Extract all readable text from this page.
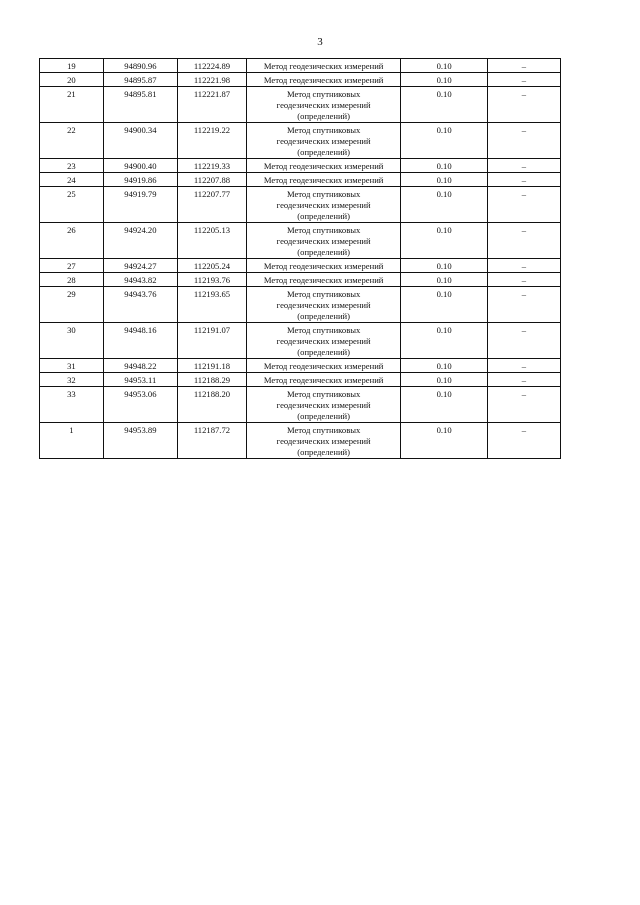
3
19	94890.96	112224.89	Метод геодезических измерений	0.10	–
20	94895.87	112221.98	Метод геодезических измерений	0.10	–
21	94895.81	112221.87	Метод спутниковых
геодезических измерений
(определений)	0.10	–
22	94900.34	112219.22	Метод спутниковых
геодезических измерений
(определений)	0.10	–
23	94900.40	112219.33	Метод геодезических измерений	0.10	–
24	94919.86	112207.88	Метод геодезических измерений	0.10	–
25	94919.79	112207.77	Метод спутниковых
геодезических измерений
(определений)	0.10	–
26	94924.20	112205.13	Метод спутниковых
геодезических измерений
(определений)	0.10	–
27	94924.27	112205.24	Метод геодезических измерений	0.10	–
28	94943.82	112193.76	Метод геодезических измерений	0.10	–
29	94943.76	112193.65	Метод спутниковых
геодезических измерений
(определений)	0.10	–
30	94948.16	112191.07	Метод спутниковых
геодезических измерений
(определений)	0.10	–
31	94948.22	112191.18	Метод геодезических измерений	0.10	–
32	94953.11	112188.29	Метод геодезических измерений	0.10	–
33	94953.06	112188.20	Метод спутниковых
геодезических измерений
(определений)	0.10	–
1	94953.89	112187.72	Метод спутниковых
геодезических измерений
(определений)	0.10	–
